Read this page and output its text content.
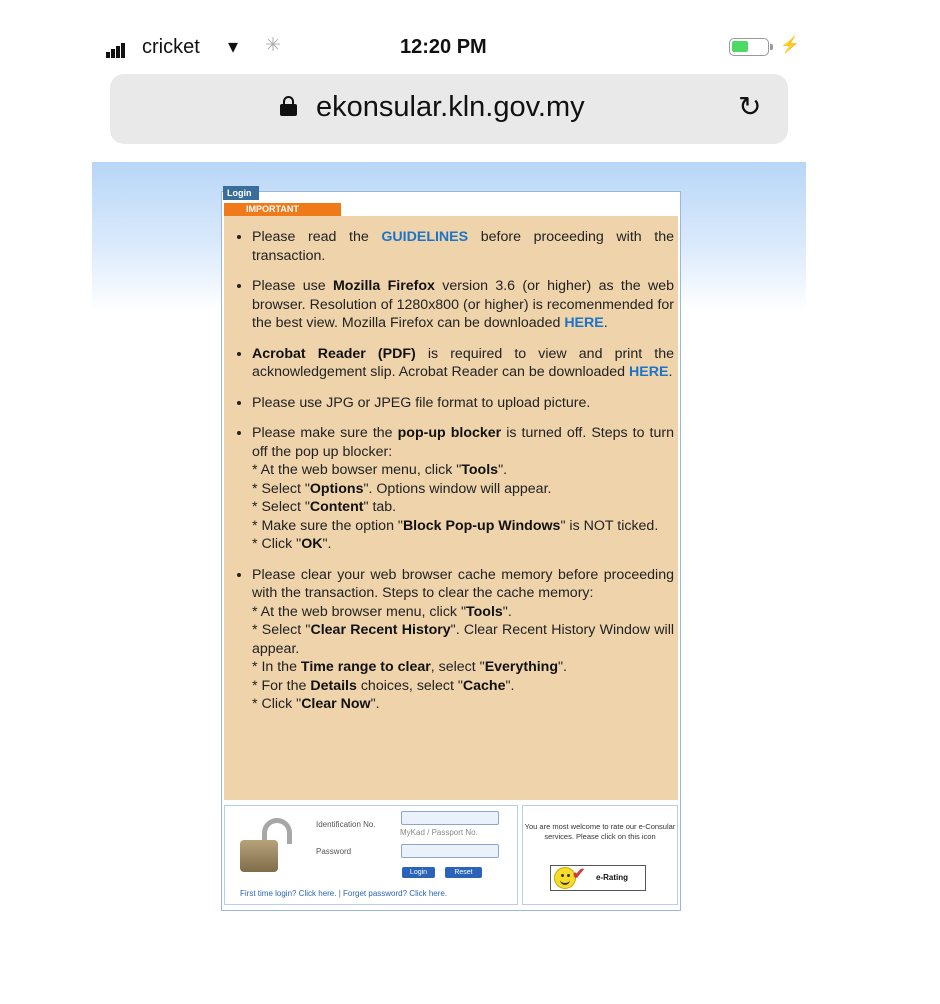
cricket ▾ ✳	12:20 PM	⚡
ekonsular.kln.gov.my	↻
Login
IMPORTANT
• Please read the GUIDELINES before proceeding with the transaction.
• Please use Mozilla Firefox version 3.6 (or higher) as the web browser. Resolution of 1280x800 (or higher) is recomenmended for the best view. Mozilla Firefox can be downloaded HERE.
• Acrobat Reader (PDF) is required to view and print the acknowledgement slip. Acrobat Reader can be downloaded HERE.
• Please use JPG or JPEG file format to upload picture.
• Please make sure the pop-up blocker is turned off. Steps to turn off the pop up blocker:
* At the web bowser menu, click "Tools".
* Select "Options". Options window will appear.
* Select "Content" tab.
* Make sure the option "Block Pop-up Windows" is NOT ticked.
* Click "OK".
• Please clear your web browser cache memory before proceeding with the transaction. Steps to clear the cache memory:
* At the web browser menu, click "Tools".
* Select "Clear Recent History". Clear Recent History Window will appear.
* In the Time range to clear, select "Everything".
* For the Details choices, select "Cache".
* Click "Clear Now".
Identification No.
MyKad / Passport No.
Password
Login	Reset
First time login? Click here. | Forget password? Click here.
You are most welcome to rate our e-Consular services. Please click on this icon
✔ e-Rating
